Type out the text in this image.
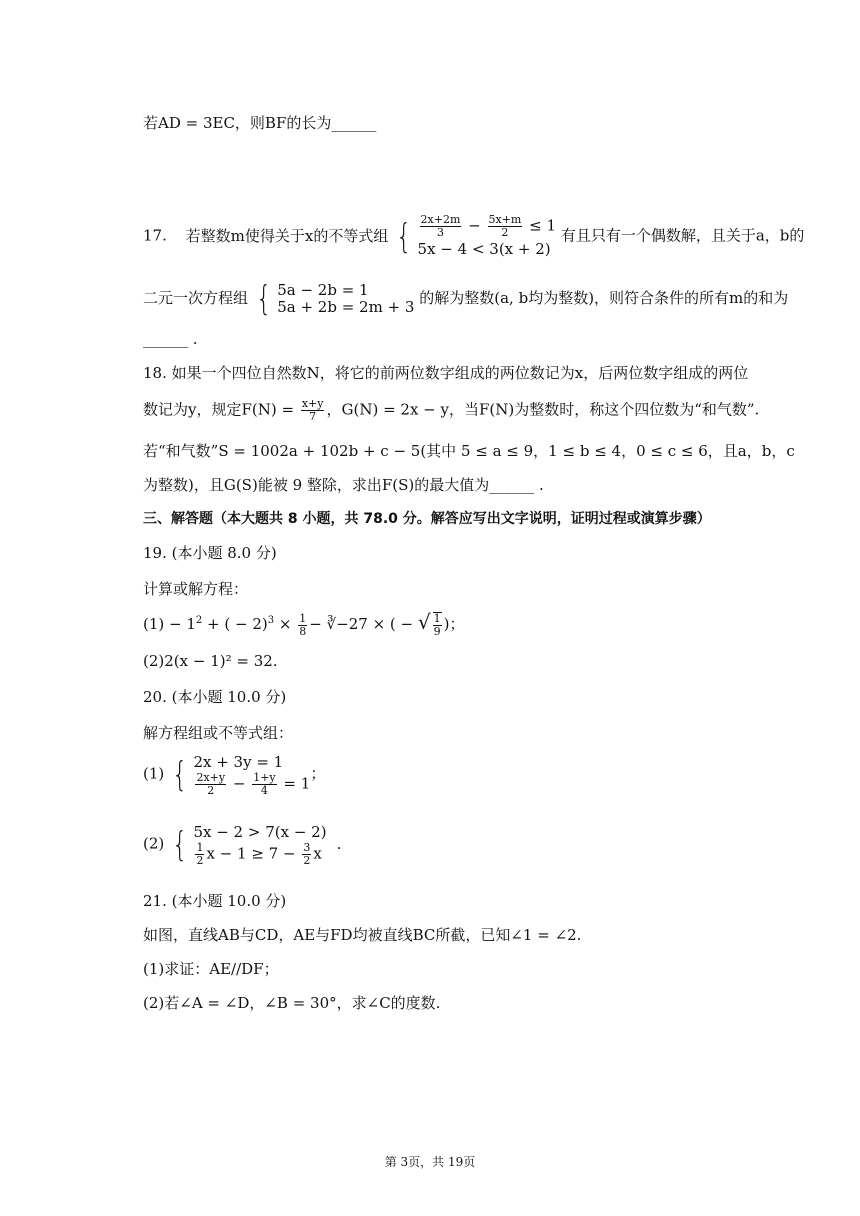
若AD = 3EC，则BF的长为______
17. 若整数m使得关于x的不等式组 { $\frac{2x+2m}{3} - \frac{5x+m}{2} \le 1$
5x − 4 < 3(x + 2)
有且只有一个偶数解，且关于a，b的
二元一次方程组 { 5a − 2b = 1
5a + 2b = 2m + 3 的解为整数(a, b均为整数)，则符合条件的所有m的和为
______ .
18. 如果一个四位自然数N，将它的前两位数字组成的两位数记为x，后两位数字组成的两位
数记为y，规定$F(N) = \frac{x+y}{7}$ ，G(N) = 2x − y，当F(N)为整数时，称这个四位数为“和气数”.
若“和气数”S = 1002a + 102b + c − 5(其中 5 ≤ a ≤ 9，1 ≤ b ≤ 4，0 ≤ c ≤ 6，且a，b，c
为整数)，且G(S)能被 9 整除，求出F(S)的最大值为______ .
三、解答题（本大题共 8 小题，共 78.0 分。解答应写出文字说明，证明过程或演算步骤）
19. (本小题 8.0 分)
计算或解方程：
$(1) - 1^2$ + ( − $2)^3 \times \frac{1}{8}$ − ∛−27 × ( − √ $\frac{1}{9}$ )；
(2)2(x − 1)² = 32.
20. (本小题 10.0 分)
解方程组或不等式组：
(1) { 2x + 3y = 1
$\frac{2x+y}{2} - \frac{1+y}{4} = 1$
；
(2) { 5x − 2 > 7(x − 2)
$\frac{1}{2}$ $x - 1 \ge 7 - \frac{3}{2}$ x
.
21. (本小题 10.0 分)
如图，直线AB与CD，AE与FD均被直线BC所截，已知∠1 = ∠2.
(1)求证：AE//DF；
(2)若∠A = ∠D，∠B = 30°，求∠C的度数.
第 3页，共 19页
